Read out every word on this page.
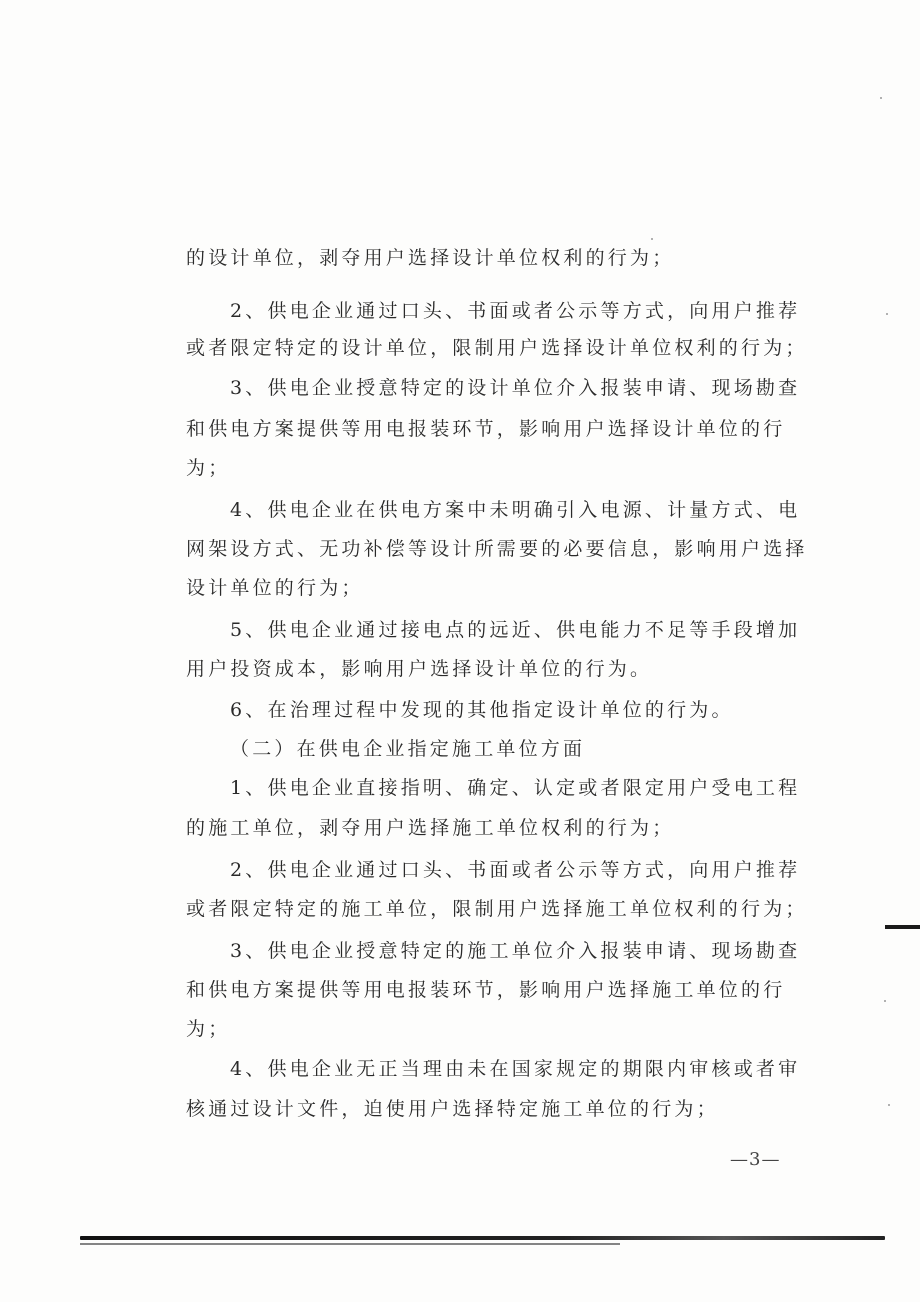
的设计单位，剥夺用户选择设计单位权利的行为；
2、供电企业通过口头、书面或者公示等方式，向用户推荐
或者限定特定的设计单位，限制用户选择设计单位权利的行为；
3、供电企业授意特定的设计单位介入报装申请、现场勘查
和供电方案提供等用电报装环节，影响用户选择设计单位的行
为；
4、供电企业在供电方案中未明确引入电源、计量方式、电
网架设方式、无功补偿等设计所需要的必要信息，影响用户选择
设计单位的行为；
5、供电企业通过接电点的远近、供电能力不足等手段增加
用户投资成本，影响用户选择设计单位的行为。
6、在治理过程中发现的其他指定设计单位的行为。
（二）在供电企业指定施工单位方面
1、供电企业直接指明、确定、认定或者限定用户受电工程
的施工单位，剥夺用户选择施工单位权利的行为；
2、供电企业通过口头、书面或者公示等方式，向用户推荐
或者限定特定的施工单位，限制用户选择施工单位权利的行为；
3、供电企业授意特定的施工单位介入报装申请、现场勘查
和供电方案提供等用电报装环节，影响用户选择施工单位的行
为；
4、供电企业无正当理由未在国家规定的期限内审核或者审
核通过设计文件，迫使用户选择特定施工单位的行为；
—3—
